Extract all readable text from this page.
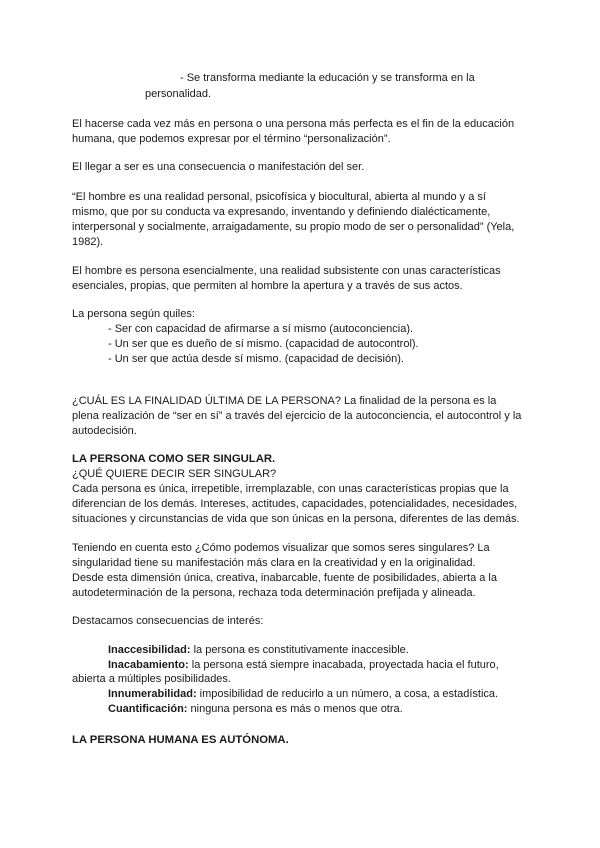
- Se transforma mediante la educación y se transforma en la
personalidad.

El hacerse cada vez más en persona o una persona más perfecta es el fin de la educación

humana, que podemos expresar por el término “personalización”.

El llegar a ser es una consecuencia o manifestación del ser.

“El hombre es una realidad personal, psicofísica y biocultural, abierta al mundo y a sí

mismo, que por su conducta va expresando, inventando y definiendo dialécticamente,

interpersonal y socialmente, arraigadamente, su propio modo de ser o personalidad” (Yela,

1982).

El hombre es persona esencialmente, una realidad subsistente con unas características

esenciales, propias, que permiten al hombre la apertura y a través de sus actos.

La persona según quiles:

- Ser con capacidad de afirmarse a sí mismo (autoconciencia).
- Un ser que es dueño de sí mismo. (capacidad de autocontrol).
- Un ser que actúa desde sí mismo. (capacidad de decisión).

¿CUÁL ES LA FINALIDAD ÚLTIMA DE LA PERSONA? La finalidad de la persona es la

plena realización de “ser en sí” a través del ejercicio de la autoconciencia, el autocontrol y la

autodecisión.

LA PERSONA COMO SER SINGULAR.
¿QUÉ QUIERE DECIR SER SINGULAR?

Cada persona es única, irrepetible, irremplazable, con unas características propias que la

diferencian de los demás. Intereses, actitudes, capacidades, potencialidades, necesidades,

situaciones y circunstancias de vida que son únicas en la persona, diferentes de las demás.

Teniendo en cuenta esto ¿Cómo podemos visualizar que somos seres singulares? La

singularidad tiene su manifestación más clara en la creatividad y en la originalidad.

Desde esta dimensión única, creativa, inabarcable, fuente de posibilidades, abierta a la

autodeterminación de la persona, rechaza toda determinación prefijada y alineada.

Destacamos consecuencias de interés:
Inaccesibilidad: la persona es constitutivamente inaccesible.
Inacabamiento: la persona está siempre inacabada, proyectada hacia el futuro,
abierta a múltiples posibilidades.
Innumerabilidad: imposibilidad de reducirlo a un número, a cosa, a estadística.
Cuantificación: ninguna persona es más o menos que otra.
LA PERSONA HUMANA ES AUTÓNOMA.
